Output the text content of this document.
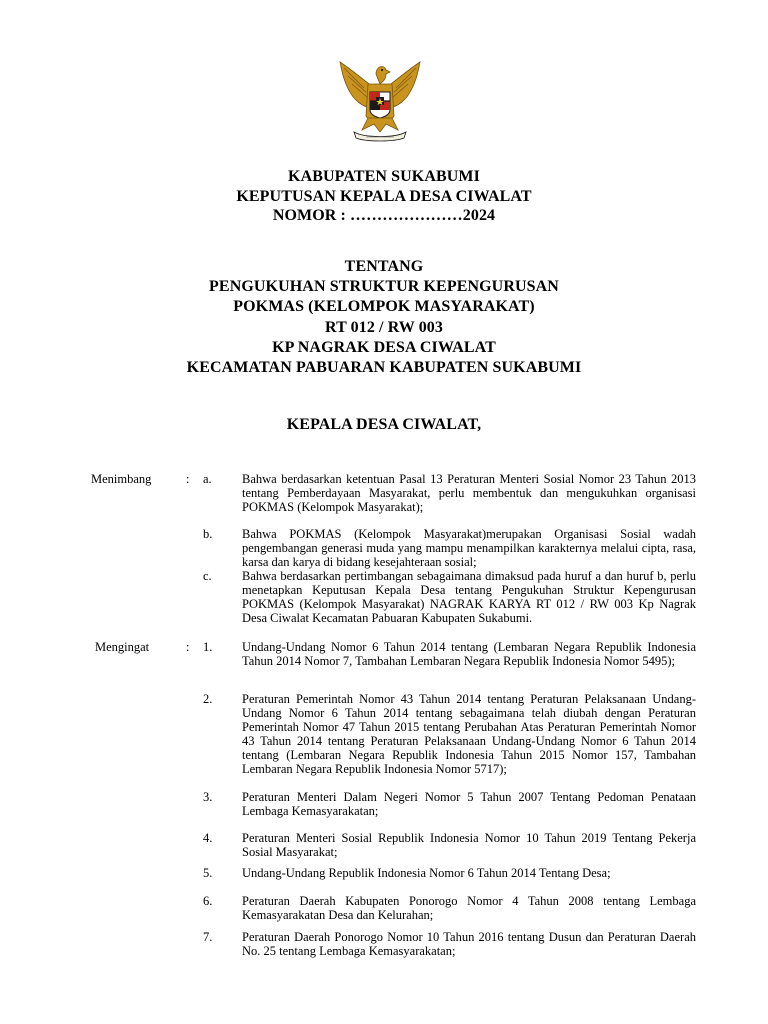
KABUPATEN SUKABUMI
KEPUTUSAN KEPALA DESA CIWALAT
NOMOR : …………………2024
TENTANG
PENGUKUHAN STRUKTUR KEPENGURUSAN
POKMAS (KELOMPOK MASYARAKAT)
RT 012 / RW 003
KP NAGRAK DESA CIWALAT
KECAMATAN PABUARAN KABUPATEN SUKABUMI
KEPALA DESA CIWALAT,
Menimbang	: a. Bahwa berdasarkan ketentuan Pasal 13 Peraturan Menteri Sosial Nomor 23 Tahun 2013 tentang Pemberdayaan Masyarakat, perlu membentuk dan mengukuhkan organisasi POKMAS (Kelompok Masyarakat);
b. Bahwa POKMAS (Kelompok Masyarakat)merupakan Organisasi Sosial wadah pengembangan generasi muda yang mampu menampilkan karakternya melalui cipta, rasa, karsa dan karya di bidang kesejahteraan sosial;
c. Bahwa berdasarkan pertimbangan sebagaimana dimaksud pada huruf a dan huruf b, perlu menetapkan Keputusan Kepala Desa tentang Pengukuhan Struktur Kepengurusan POKMAS (Kelompok Masyarakat) NAGRAK KARYA RT 012 / RW 003 Kp Nagrak Desa Ciwalat Kecamatan Pabuaran Kabupaten Sukabumi.
Mengingat	: 1. Undang-Undang Nomor 6 Tahun 2014 tentang (Lembaran Negara Republik Indonesia Tahun 2014 Nomor 7, Tambahan Lembaran Negara Republik Indonesia Nomor 5495);
2. Peraturan Pemerintah Nomor 43 Tahun 2014 tentang Peraturan Pelaksanaan Undang-Undang Nomor 6 Tahun 2014 tentang sebagaimana telah diubah dengan Peraturan Pemerintah Nomor 47 Tahun 2015 tentang Perubahan Atas Peraturan Pemerintah Nomor 43 Tahun 2014 tentang Peraturan Pelaksanaan Undang-Undang Nomor 6 Tahun 2014 tentang (Lembaran Negara Republik Indonesia Tahun 2015 Nomor 157, Tambahan Lembaran Negara Republik Indonesia Nomor 5717);
3. Peraturan Menteri Dalam Negeri Nomor 5 Tahun 2007 Tentang Pedoman Penataan Lembaga Kemasyarakatan;
4. Peraturan Menteri Sosial Republik Indonesia Nomor 10 Tahun 2019 Tentang Pekerja Sosial Masyarakat;
5. Undang-Undang Republik Indonesia Nomor 6 Tahun 2014 Tentang Desa;
6. Peraturan Daerah Kabupaten Ponorogo Nomor 4 Tahun 2008 tentang Lembaga Kemasyarakatan Desa dan Kelurahan;
7. Peraturan Daerah Ponorogo Nomor 10 Tahun 2016 tentang Dusun dan Peraturan Daerah No. 25 tentang Lembaga Kemasyarakatan;
